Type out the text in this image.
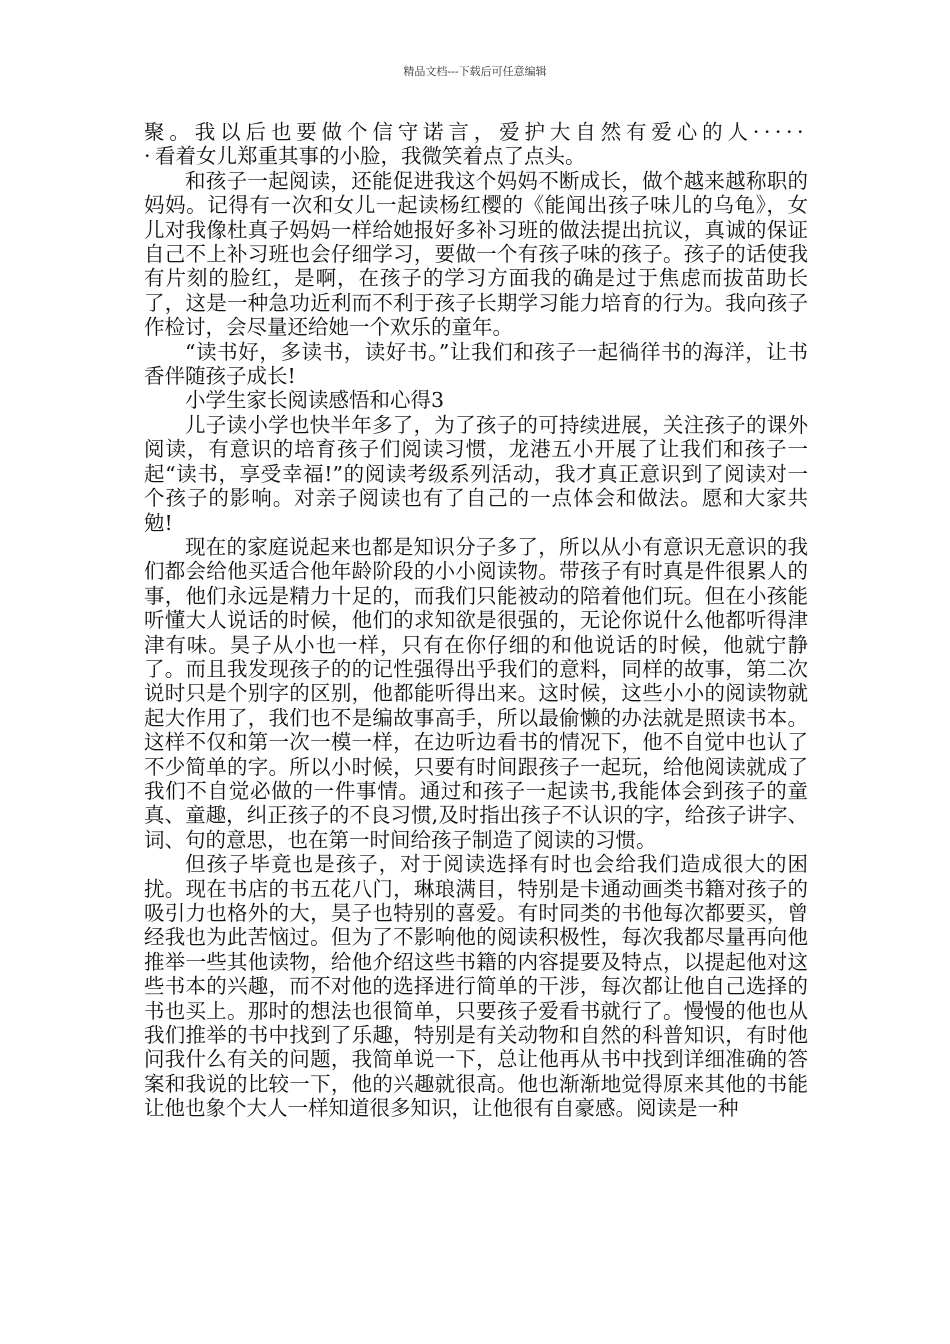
精品文档---下载后可任意编辑

聚。我以后也要做个信守诺言，爱护大自然有爱心的人······看着女儿郑重其事的小脸，我微笑着点了点头。

和孩子一起阅读，还能促进我这个妈妈不断成长，做个越来越称职的妈妈。记得有一次和女儿一起读杨红樱的《能闻出孩子味儿的乌龟》，女儿对我像杜真子妈妈一样给她报好多补习班的做法提出抗议，真诚的保证自己不上补习班也会仔细学习，要做一个有孩子味的孩子。孩子的话使我有片刻的脸红，是啊，在孩子的学习方面我的确是过于焦虑而拔苗助长了，这是一种急功近利而不利于孩子长期学习能力培育的行为。我向孩子作检讨，会尽量还给她一个欢乐的童年。

“读书好，多读书，读好书。”让我们和孩子一起徜徉书的海洋，让书香伴随孩子成长!

小学生家长阅读感悟和心得3

儿子读小学也快半年多了，为了孩子的可持续进展，关注孩子的课外阅读，有意识的培育孩子们阅读习惯，龙港五小开展了让我们和孩子一起“读书，享受幸福!”的阅读考级系列活动，我才真正意识到了阅读对一个孩子的影响。对亲子阅读也有了自己的一点体会和做法。愿和大家共勉!

现在的家庭说起来也都是知识分子多了，所以从小有意识无意识的我们都会给他买适合他年龄阶段的小小阅读物。带孩子有时真是件很累人的事，他们永远是精力十足的，而我们只能被动的陪着他们玩。但在小孩能听懂大人说话的时候，他们的求知欲是很强的，无论你说什么他都听得津津有味。昊子从小也一样，只有在你仔细的和他说话的时候，他就宁静了。而且我发现孩子的的记性强得出乎我们的意料，同样的故事，第二次说时只是个别字的区别，他都能听得出来。这时候，这些小小的阅读物就起大作用了，我们也不是编故事高手，所以最偷懒的办法就是照读书本。这样不仅和第一次一模一样，在边听边看书的情况下，他不自觉中也认了不少简单的字。所以小时候，只要有时间跟孩子一起玩，给他阅读就成了我们不自觉必做的一件事情。通过和孩子一起读书,我能体会到孩子的童真、童趣，纠正孩子的不良习惯,及时指出孩子不认识的字，给孩子讲字、词、句的意思，也在第一时间给孩子制造了阅读的习惯。

但孩子毕竟也是孩子，对于阅读选择有时也会给我们造成很大的困扰。现在书店的书五花八门，琳琅满目，特别是卡通动画类书籍对孩子的吸引力也格外的大，昊子也特别的喜爱。有时同类的书他每次都要买，曾经我也为此苦恼过。但为了不影响他的阅读积极性，每次我都尽量再向他推举一些其他读物，给他介绍这些书籍的内容提要及特点，以提起他对这些书本的兴趣，而不对他的选择进行简单的干涉，每次都让他自己选择的书也买上。那时的想法也很简单，只要孩子爱看书就行了。慢慢的他也从我们推举的书中找到了乐趣，特别是有关动物和自然的科普知识，有时他问我什么有关的问题，我简单说一下，总让他再从书中找到详细准确的答案和我说的比较一下，他的兴趣就很高。他也渐渐地觉得原来其他的书能让他也象个大人一样知道很多知识，让他很有自豪感。阅读是一种
